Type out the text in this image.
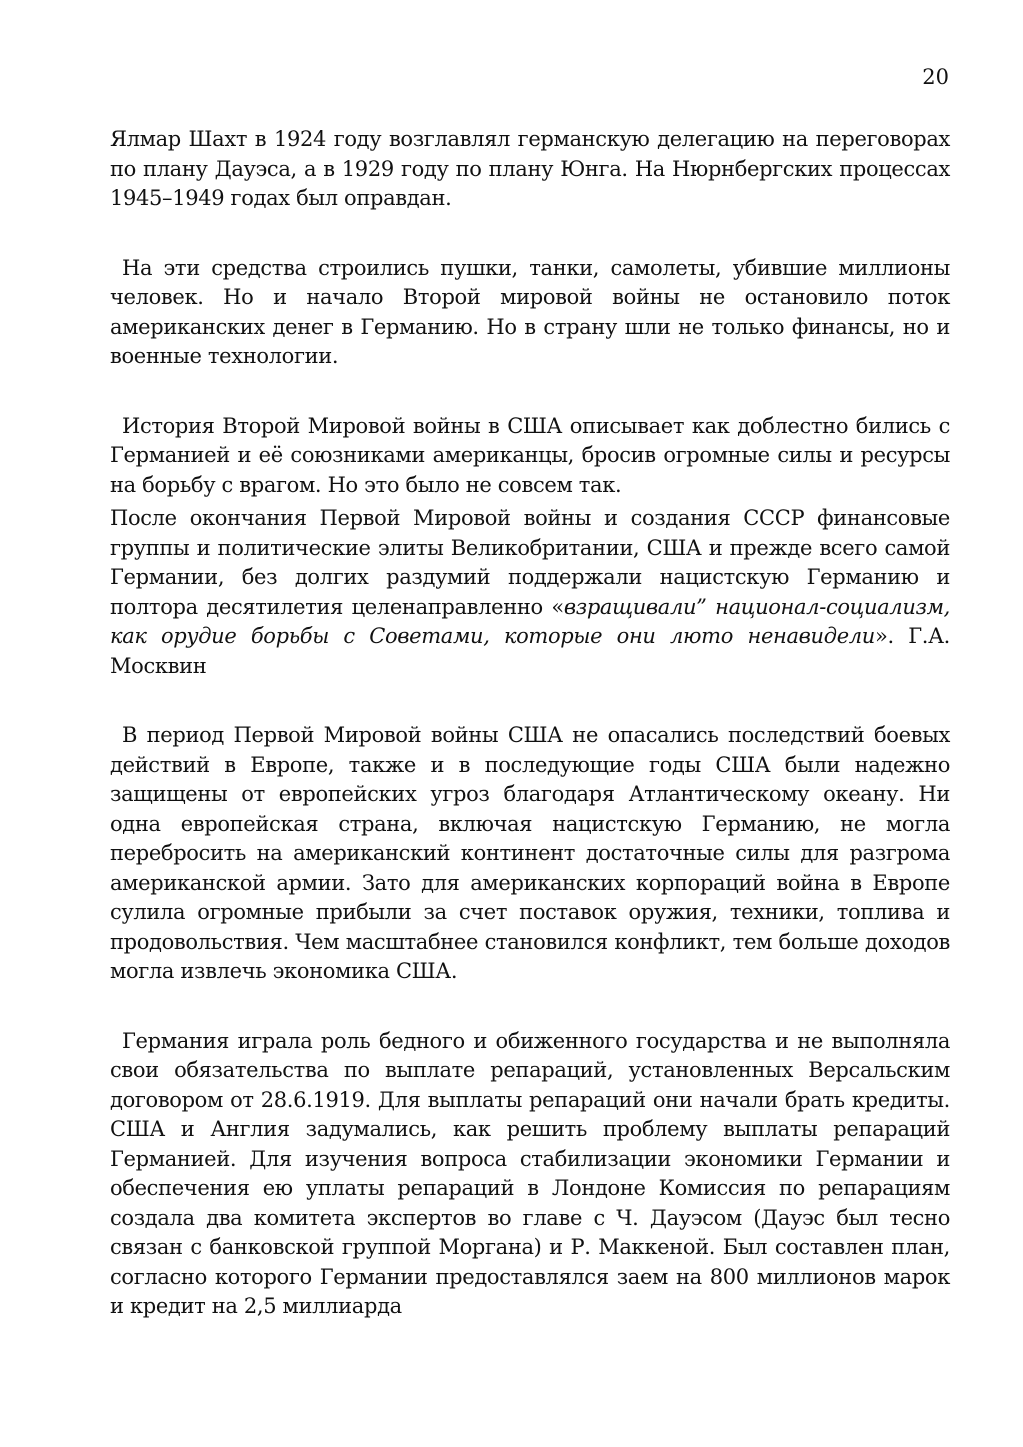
20

Ялмар Шахт в 1924 году возглавлял германскую делегацию на переговорах по плану Дауэса, а в 1929 году по плану Юнга. На Нюрнбергских процессах 1945–1949 годах был оправдан.

На эти средства строились пушки, танки, самолеты, убившие миллионы человек. Но и начало Второй мировой войны не остановило поток американских денег в Германию. Но в страну шли не только финансы, но и военные технологии.

История Второй Мировой войны в США описывает как доблестно бились с Германией и её союзниками американцы, бросив огромные силы и ресурсы на борьбу с врагом. Но это было не совсем так.

После окончания Первой Мировой войны и создания СССР финансовые группы и политические элиты Великобритании, США и прежде всего самой Германии, без долгих раздумий поддержали нацистскую Германию и полтора десятилетия целенаправленно «взращивали” национал-социализм, как орудие борьбы с Советами, которые они люто ненавидели». Г.А. Москвин

В период Первой Мировой войны США не опасались последствий боевых действий в Европе, также и в последующие годы США были надежно защищены от европейских угроз благодаря Атлантическому океану. Ни одна европейская страна, включая нацистскую Германию, не могла перебросить на американский континент достаточные силы для разгрома американской армии. Зато для американских корпораций война в Европе сулила огромные прибыли за счет поставок оружия, техники, топлива и продовольствия. Чем масштабнее становился конфликт, тем больше доходов могла извлечь экономика США.

Германия играла роль бедного и обиженного государства и не выполняла свои обязательства по выплате репараций, установленных Версальским договором от 28.6.1919. Для выплаты репараций они начали брать кредиты. США и Англия задумались, как решить проблему выплаты репараций Германией. Для изучения вопроса стабилизации экономики Германии и обеспечения ею уплаты репараций в Лондоне Комиссия по репарациям создала два комитета экспертов во главе с Ч. Дауэсом (Дауэс был тесно связан с банковской группой Моргана) и Р. Маккеной. Был составлен план, согласно которого Германии предоставлялся заем на 800 миллионов марок и кредит на 2,5 миллиарда
